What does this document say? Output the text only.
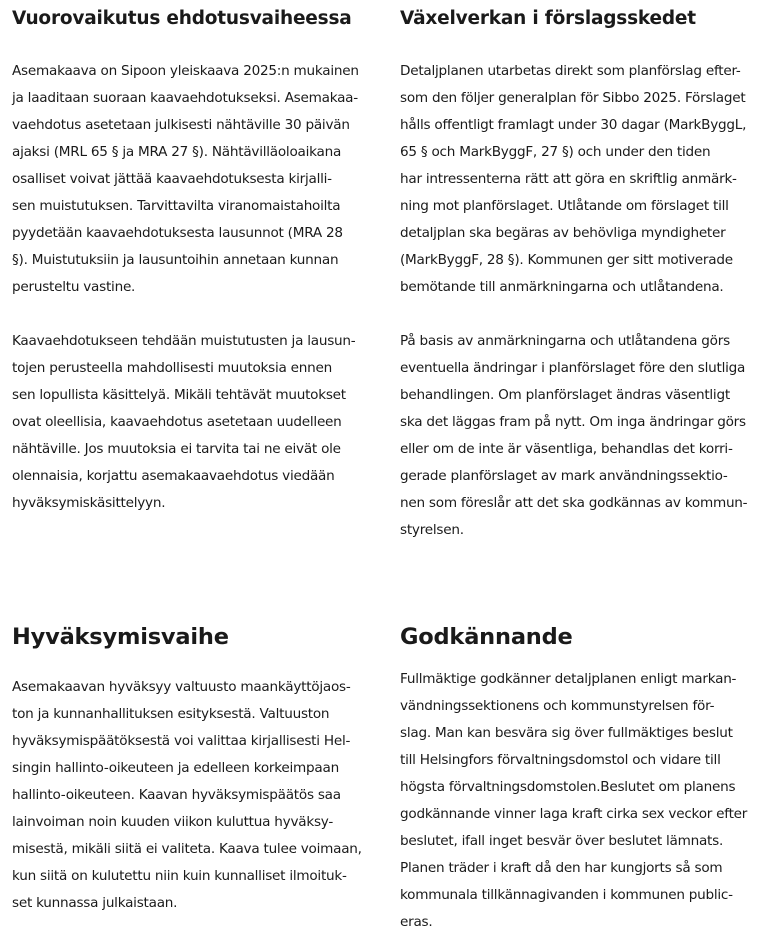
Vuorovaikutus ehdotusvaiheessa

Asemakaava on Sipoon yleiskaava 2025:n mukainen
ja laaditaan suoraan kaavaehdotukseksi. Asemakaa-
vaehdotus asetetaan julkisesti nähtäville 30 päivän
ajaksi (MRL 65 § ja MRA 27 §). Nähtävilläoloaikana
osalliset voivat jättää kaavaehdotuksesta kirjalli-
sen muistutuksen. Tarvittavilta viranomaistahoilta
pyydetään kaavaehdotuksesta lausunnot (MRA 28
§). Muistutuksiin ja lausuntoihin annetaan kunnan
perusteltu vastine.

Kaavaehdotukseen tehdään muistutusten ja lausun-
tojen perusteella mahdollisesti muutoksia ennen
sen lopullista käsittelyä. Mikäli tehtävät muutokset
ovat oleellisia, kaavaehdotus asetetaan uudelleen
nähtäville. Jos muutoksia ei tarvita tai ne eivät ole
olennaisia, korjattu asemakaavaehdotus viedään
hyväksymiskäsittelyyn.

Växelverkan i förslagsskedet

Detaljplanen utarbetas direkt som planförslag efter-
som den följer generalplan för Sibbo 2025. Förslaget
hålls offentligt framlagt under 30 dagar (MarkByggL,
65 § och MarkByggF, 27 §) och under den tiden
har intressenterna rätt att göra en skriftlig anmärk-
ning mot planförslaget. Utlåtande om förslaget till
detaljplan ska begäras av behövliga myndigheter
(MarkByggF, 28 §). Kommunen ger sitt motiverade
bemötande till anmärkningarna och utlåtandena.

På basis av anmärkningarna och utlåtandena görs
eventuella ändringar i planförslaget före den slutliga
behandlingen. Om planförslaget ändras väsentligt
ska det läggas fram på nytt. Om inga ändringar görs
eller om de inte är väsentliga, behandlas det korri-
gerade planförslaget av mark användningssektio-
nen som föreslår att det ska godkännas av kommun-
styrelsen.

Hyväksymisvaihe

Asemakaavan hyväksyy valtuusto maankäyttöjaos-
ton ja kunnanhallituksen esityksestä. Valtuuston
hyväksymispäätöksestä voi valittaa kirjallisesti Hel-
singin hallinto-oikeuteen ja edelleen korkeimpaan
hallinto-oikeuteen. Kaavan hyväksymispäätös saa
lainvoiman noin kuuden viikon kuluttua hyväksy-
misestä, mikäli siitä ei valiteta. Kaava tulee voimaan,
kun siitä on kulutettu niin kuin kunnalliset ilmoituk-
set kunnassa julkaistaan.

Godkännande

Fullmäktige godkänner detaljplanen enligt markan-
vändningssektionens och kommunstyrelsen för-
slag. Man kan besvära sig över fullmäktiges beslut
till Helsingfors förvaltningsdomstol och vidare till
högsta förvaltningsdomstolen.Beslutet om planens
godkännande vinner laga kraft cirka sex veckor efter
beslutet, ifall inget besvär över beslutet lämnats.
Planen träder i kraft då den har kungjorts så som
kommunala tillkännagivanden i kommunen public-
eras.
